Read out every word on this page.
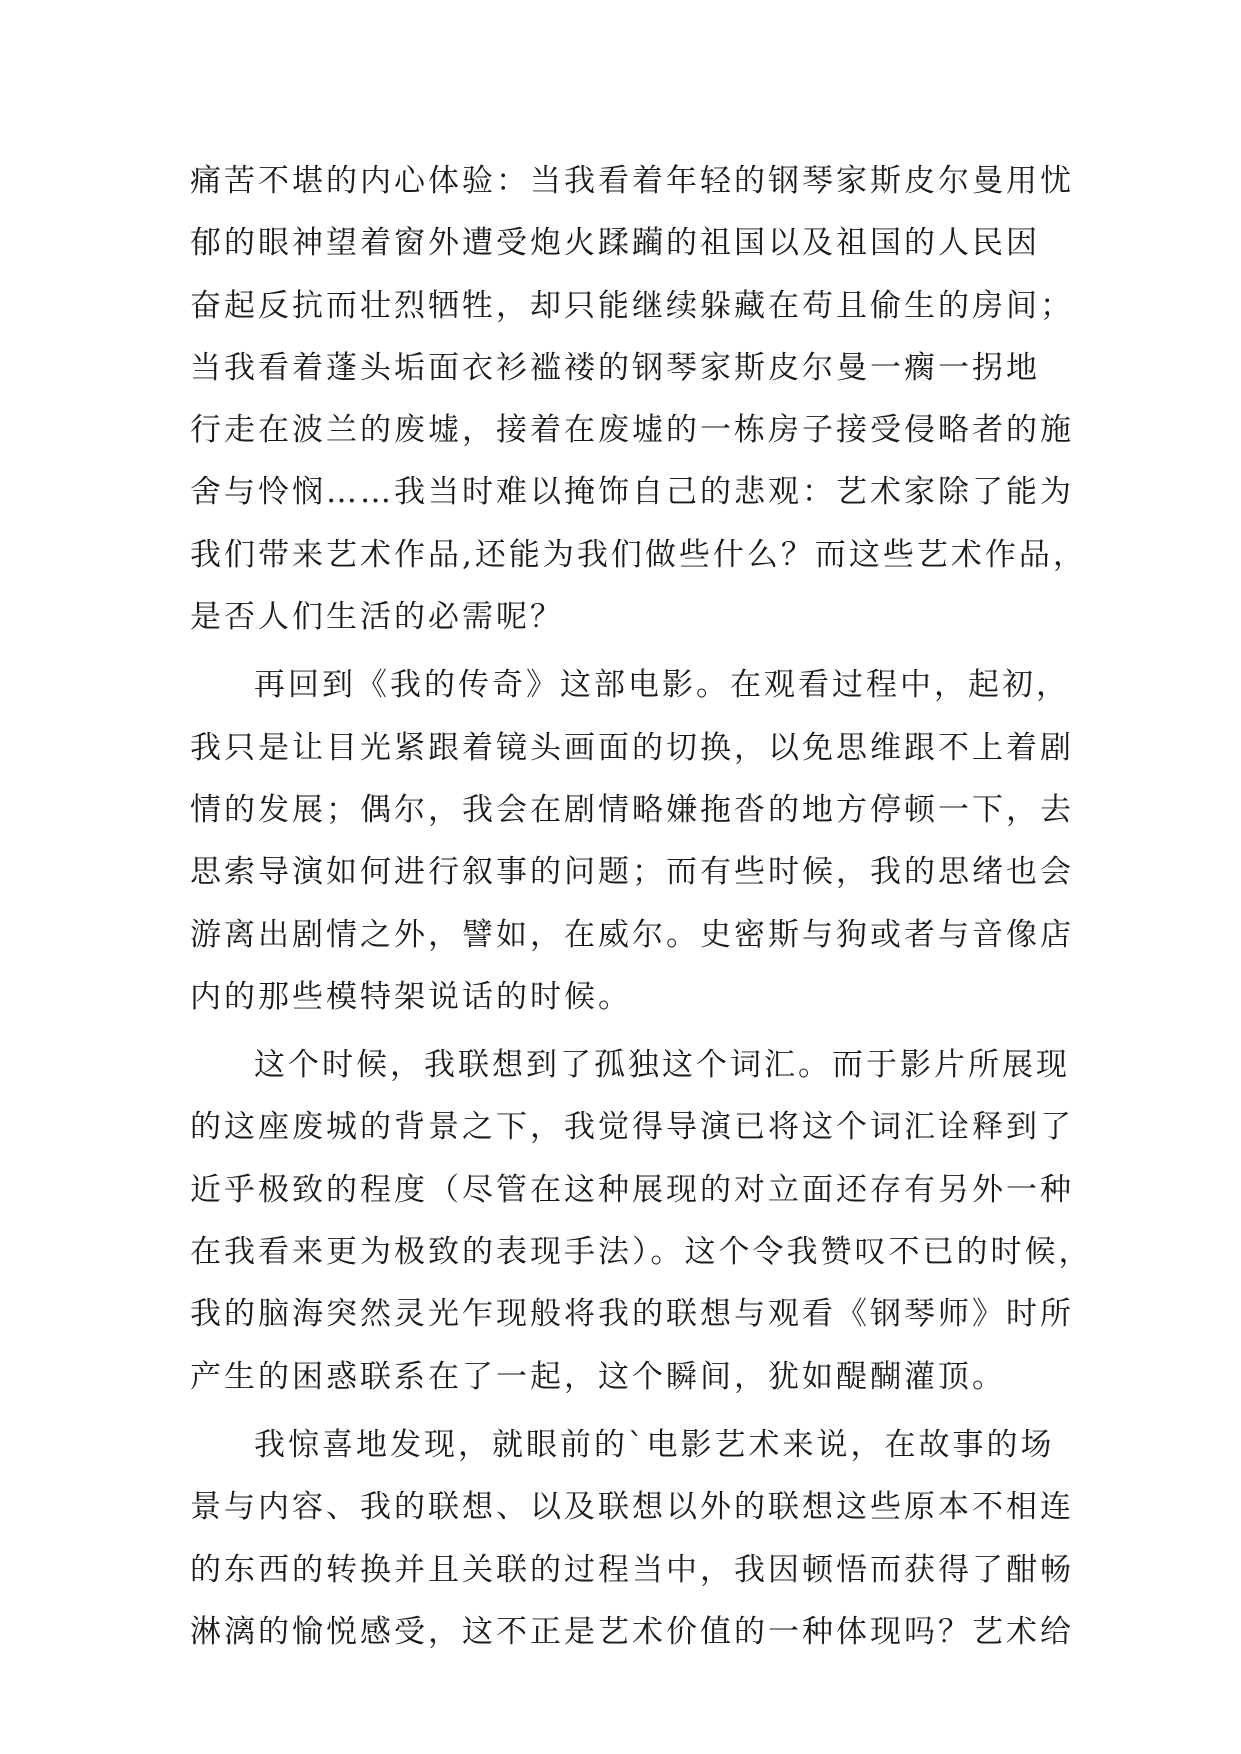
痛苦不堪的内心体验：当我看着年轻的钢琴家斯皮尔曼用忧
郁的眼神望着窗外遭受炮火蹂躏的祖国以及祖国的人民因
奋起反抗而壮烈牺牲，却只能继续躲藏在苟且偷生的房间；
当我看着蓬头垢面衣衫褴褛的钢琴家斯皮尔曼一瘸一拐地
行走在波兰的废墟，接着在废墟的一栋房子接受侵略者的施
舍与怜悯……我当时难以掩饰自己的悲观：艺术家除了能为
我们带来艺术作品,还能为我们做些什么？而这些艺术作品，
是否人们生活的必需呢？
再回到《我的传奇》这部电影。在观看过程中，起初，
我只是让目光紧跟着镜头画面的切换，以免思维跟不上着剧
情的发展；偶尔，我会在剧情略嫌拖沓的地方停顿一下，去
思索导演如何进行叙事的问题；而有些时候，我的思绪也会
游离出剧情之外，譬如，在威尔。史密斯与狗或者与音像店
内的那些模特架说话的时候。
这个时候，我联想到了孤独这个词汇。而于影片所展现
的这座废城的背景之下，我觉得导演已将这个词汇诠释到了
近乎极致的程度（尽管在这种展现的对立面还存有另外一种
在我看来更为极致的表现手法）。这个令我赞叹不已的时候，
我的脑海突然灵光乍现般将我的联想与观看《钢琴师》时所
产生的困惑联系在了一起，这个瞬间，犹如醍醐灌顶。
我惊喜地发现，就眼前的`电影艺术来说，在故事的场
景与内容、我的联想、以及联想以外的联想这些原本不相连
的东西的转换并且关联的过程当中，我因顿悟而获得了酣畅
淋漓的愉悦感受，这不正是艺术价值的一种体现吗？艺术给
